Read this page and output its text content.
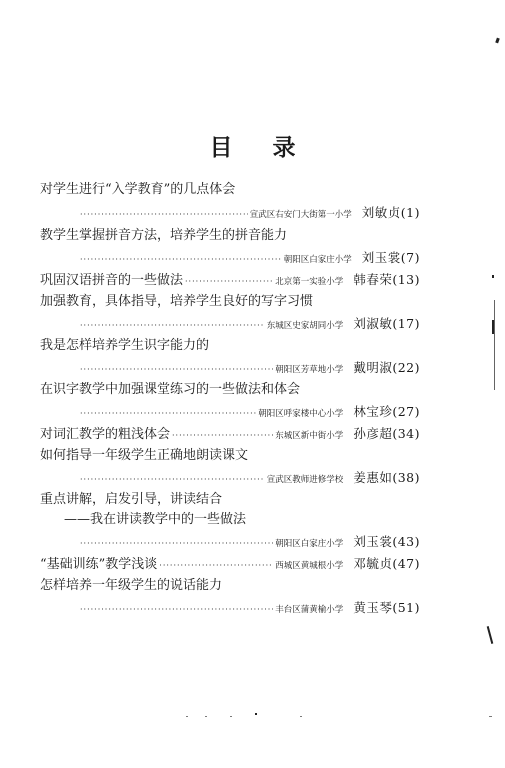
目录
对学生进行“入学教育”的几点体会
·····
宣武区右安门大街第一小学 刘敏贞 (1)
教学生掌握拼音方法，培养学生的拼音能力
·····
朝阳区白家庄小学 刘玉裳 (7)
巩固汉语拼音的一些做法 ·····	北京第一实验小学 韩春荣 (13)
加强教育，具体指导，培养学生良好的写字习惯
·····
东城区史家胡同小学 刘淑敏 (17)
我是怎样培养学生识字能力的
·····
朝阳区芳草地小学 戴明淑 (22)
在识字教学中加强课堂练习的一些做法和体会
·····
朝阳区呼家楼中心小学 林宝珍 (27)
对词汇教学的粗浅体会 ·····	东城区新中街小学 孙彦超 (34)
如何指导一年级学生正确地朗读课文
·····
宣武区教师进修学校 姜惠如 (38)
重点讲解，启发引导，讲读结合
——我在讲读教学中的一些做法
·····
朝阳区白家庄小学 刘玉裳 (43)
“基础训练”教学浅谈 ·····	西城区黄城根小学 邓毓贞 (47)
怎样培养一年级学生的说话能力
·····
丰台区蒲黄榆小学 黄玉琴 (51)
